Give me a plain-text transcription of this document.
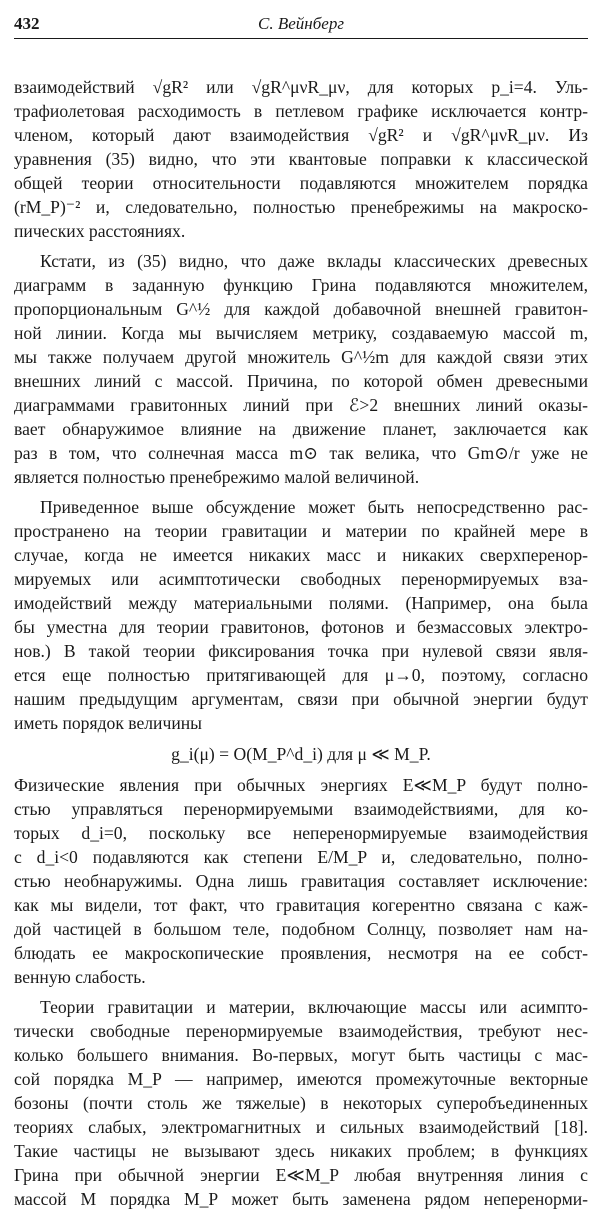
432	С. Вейнберг
взаимодействий √gR² или √gR^μνR_μν, для которых p_i=4. Уль-
трафиолетовая расходимость в петлевом графике исключается контр-
членом, который дают взаимодействия √gR² и √gR^μνR_μν. Из
уравнения (35) видно, что эти квантовые поправки к классической
общей теории относительности подавляются множителем порядка
(rM_P)⁻² и, следовательно, полностью пренебрежимы на макроско-
пических расстояниях.
Кстати, из (35) видно, что даже вклады классических древесных
диаграмм в заданную функцию Грина подавляются множителем,
пропорциональным G^½ для каждой добавочной внешней гравитон-
ной линии. Когда мы вычисляем метрику, создаваемую массой m,
мы также получаем другой множитель G^½m для каждой связи этих
внешних линий с массой. Причина, по которой обмен древесными
диаграммами гравитонных линий при ℰ>2 внешних линий оказы-
вает обнаружимое влияние на движение планет, заключается как
раз в том, что солнечная масса m⊙ так велика, что Gm⊙/r уже не
является полностью пренебрежимо малой величиной.
Приведенное выше обсуждение может быть непосредственно рас-
пространено на теории гравитации и материи по крайней мере в
случае, когда не имеется никаких масс и никаких сверхперенор-
мируемых или асимптотически свободных перенормируемых вза-
имодействий между материальными полями. (Например, она была
бы уместна для теории гравитонов, фотонов и безмассовых электро-
нов.) В такой теории фиксирования точка при нулевой связи явля-
ется еще полностью притягивающей для μ→0, поэтому, согласно
нашим предыдущим аргументам, связи при обычной энергии будут
иметь порядок величины
g_i(μ) = O(M_P^d_i) для μ ≪ M_P.
Физические явления при обычных энергиях E≪M_P будут полно-
стью управляться перенормируемыми взаимодействиями, для ко-
торых d_i=0, поскольку все неперенормируемые взаимодействия
с d_i<0 подавляются как степени E/M_P и, следовательно, полно-
стью необнаружимы. Одна лишь гравитация составляет исключение:
как мы видели, тот факт, что гравитация когерентно связана с каж-
дой частицей в большом теле, подобном Солнцу, позволяет нам на-
блюдать ее макроскопические проявления, несмотря на ее собст-
венную слабость.
Теории гравитации и материи, включающие массы или асимпто-
тически свободные перенормируемые взаимодействия, требуют нес-
колько большего внимания. Во-первых, могут быть частицы с мас-
сой порядка M_P — например, имеются промежуточные векторные
бозоны (почти столь же тяжелые) в некоторых суперобъединенных
теориях слабых, электромагнитных и сильных взаимодействий [18].
Такие частицы не вызывают здесь никаких проблем; в функциях
Грина при обычной энергии E≪M_P любая внутренняя линия с
массой M порядка M_P может быть заменена рядом неперенорми-
